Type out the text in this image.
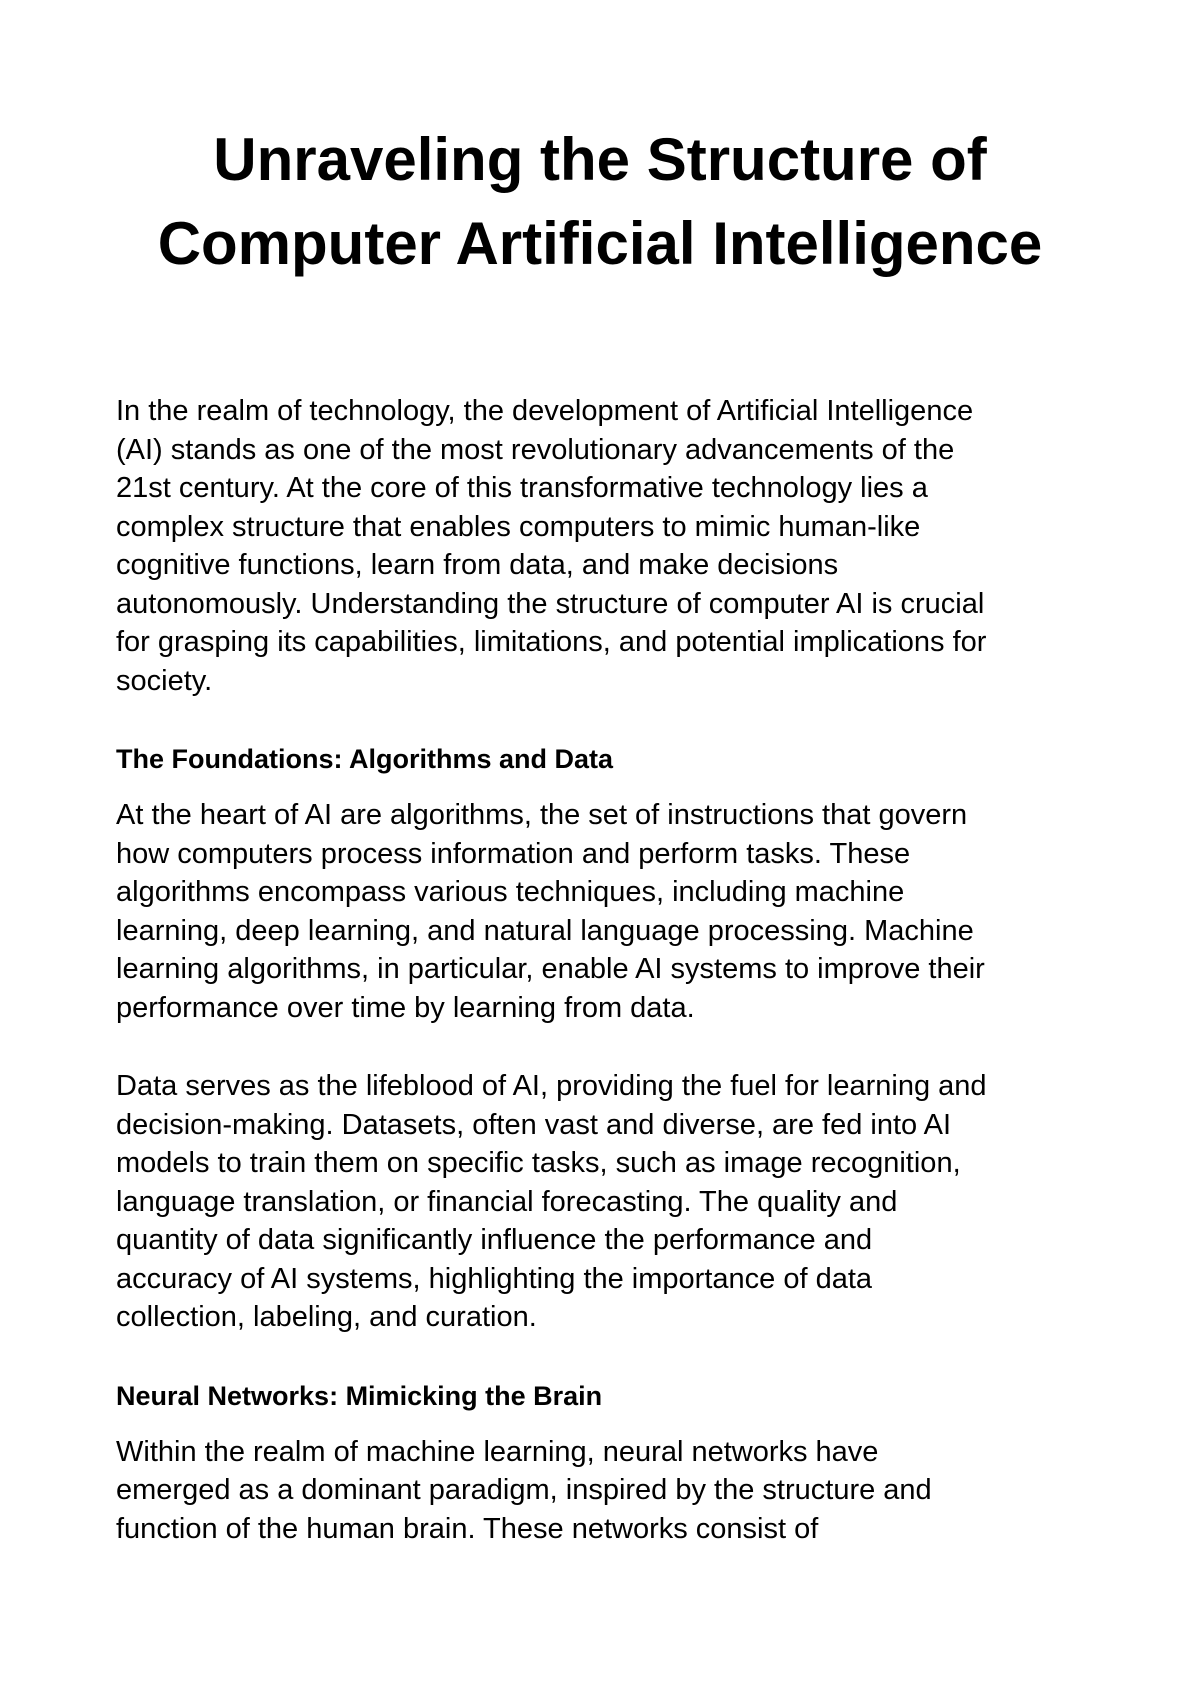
Unraveling the Structure of
Computer Artificial Intelligence

In the realm of technology, the development of Artificial Intelligence
(AI) stands as one of the most revolutionary advancements of the
21st century. At the core of this transformative technology lies a
complex structure that enables computers to mimic human-like
cognitive functions, learn from data, and make decisions
autonomously. Understanding the structure of computer AI is crucial
for grasping its capabilities, limitations, and potential implications for
society.

The Foundations: Algorithms and Data

At the heart of AI are algorithms, the set of instructions that govern
how computers process information and perform tasks. These
algorithms encompass various techniques, including machine
learning, deep learning, and natural language processing. Machine
learning algorithms, in particular, enable AI systems to improve their
performance over time by learning from data.

Data serves as the lifeblood of AI, providing the fuel for learning and
decision-making. Datasets, often vast and diverse, are fed into AI
models to train them on specific tasks, such as image recognition,
language translation, or financial forecasting. The quality and
quantity of data significantly influence the performance and
accuracy of AI systems, highlighting the importance of data
collection, labeling, and curation.

Neural Networks: Mimicking the Brain

Within the realm of machine learning, neural networks have
emerged as a dominant paradigm, inspired by the structure and
function of the human brain. These networks consist of
